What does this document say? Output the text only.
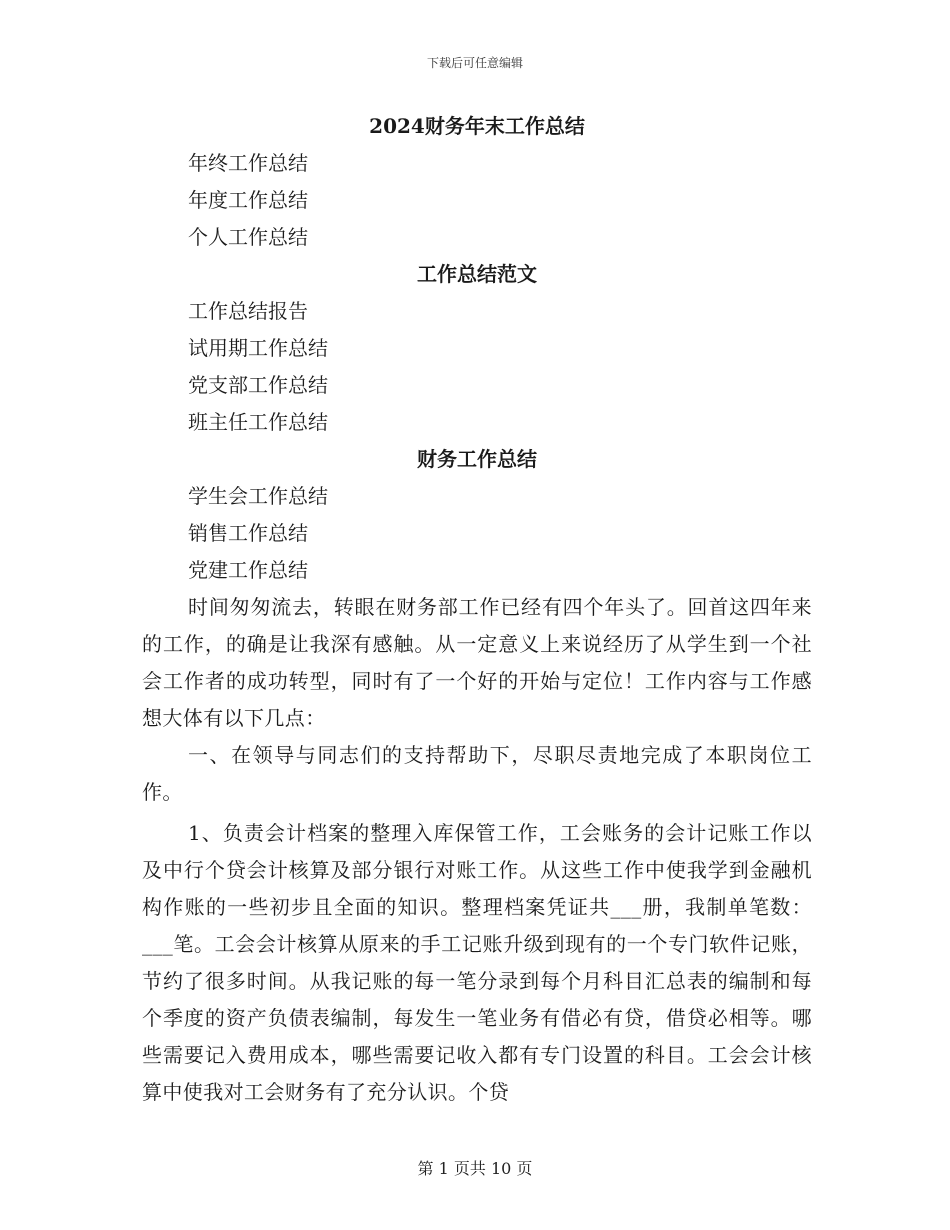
下载后可任意编辑
2024财务年末工作总结
年终工作总结
年度工作总结
个人工作总结
工作总结范文
工作总结报告
试用期工作总结
党支部工作总结
班主任工作总结
财务工作总结
学生会工作总结
销售工作总结
党建工作总结

时间匆匆流去，转眼在财务部工作已经有四个年头了。回首这四年来的工作，的确是让我深有感触。从一定意义上来说经历了从学生到一个社会工作者的成功转型，同时有了一个好的开始与定位！工作内容与工作感想大体有以下几点：

一、在领导与同志们的支持帮助下，尽职尽责地完成了本职岗位工作。

1、负责会计档案的整理入库保管工作，工会账务的会计记账工作以及中行个贷会计核算及部分银行对账工作。从这些工作中使我学到金融机构作账的一些初步且全面的知识。整理档案凭证共___册，我制单笔数：___笔。工会会计核算从原来的手工记账升级到现有的一个专门软件记账，节约了很多时间。从我记账的每一笔分录到每个月科目汇总表的编制和每个季度的资产负债表编制，每发生一笔业务有借必有贷，借贷必相等。哪些需要记入费用成本，哪些需要记收入都有专门设置的科目。工会会计核算中使我对工会财务有了充分认识。个贷

第 1 页共 10 页
